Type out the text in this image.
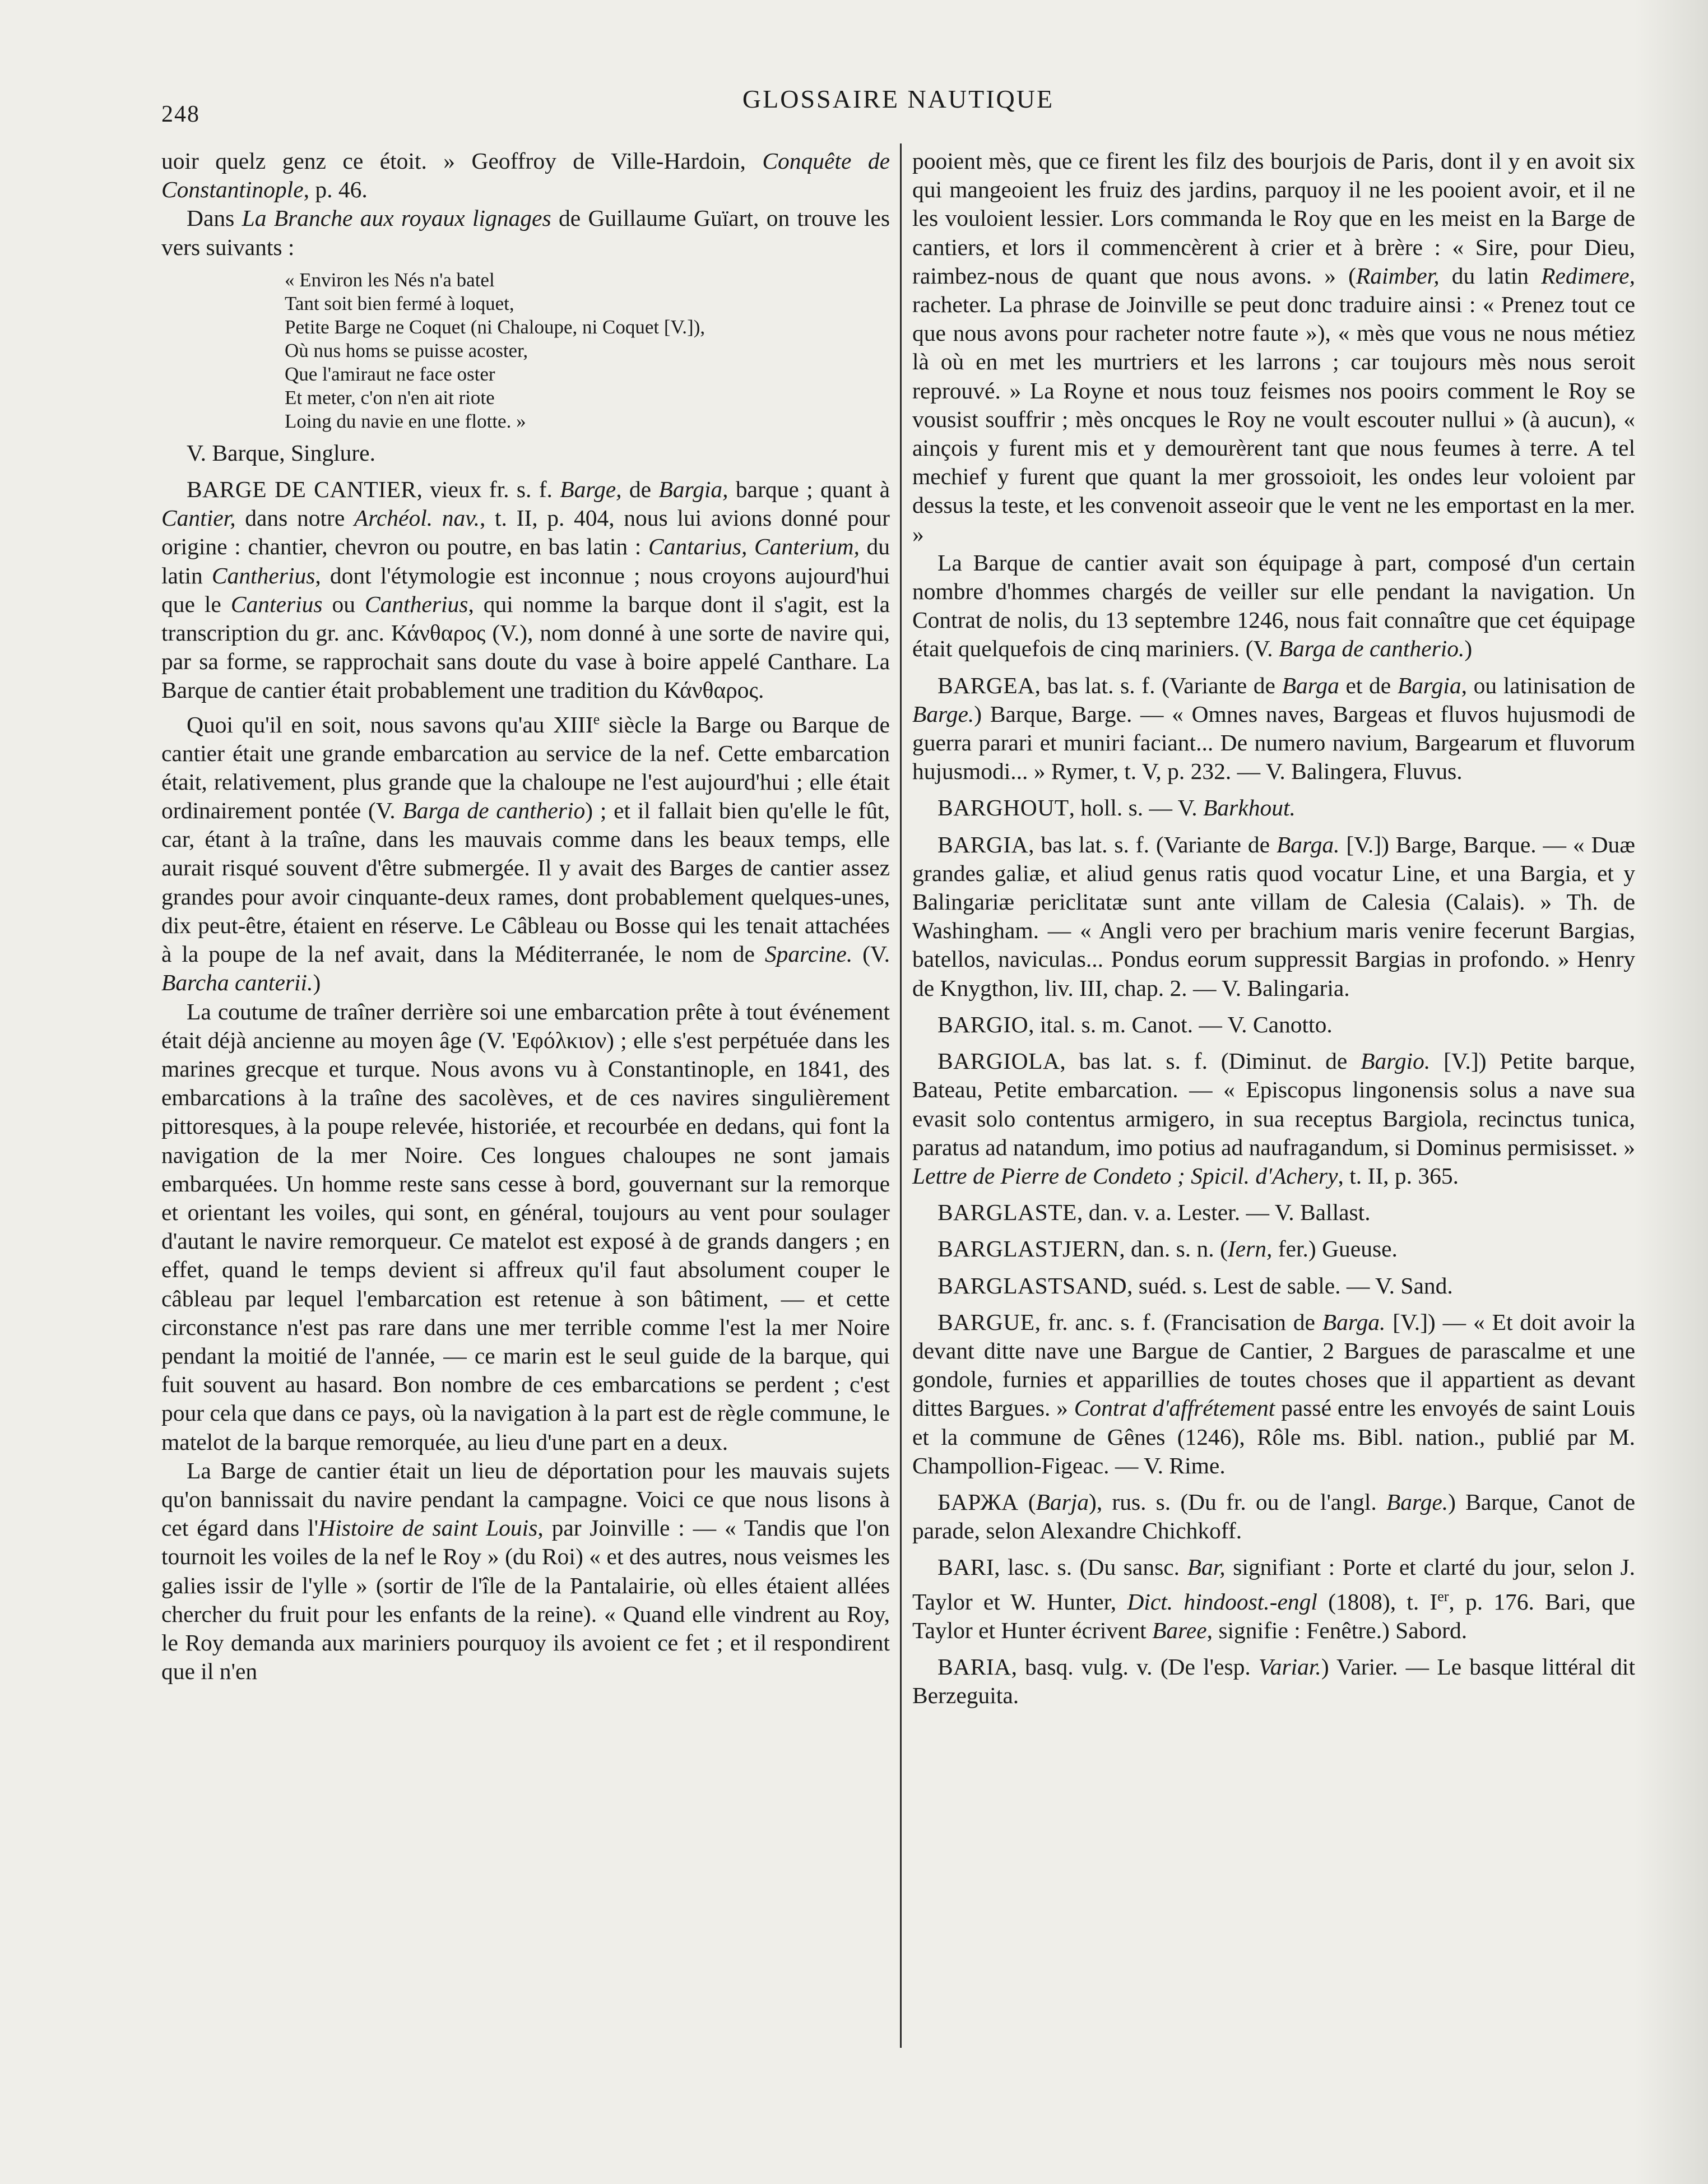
248
GLOSSAIRE NAUTIQUE

uoir quelz genz ce étoit. » Geoffroy de Ville-Hardoin, Conquête de Constantinople, p. 46.

Dans La Branche aux royaux lignages de Guillaume Guïart, on trouve les vers suivants :

« Environ les Nés n'a batel
Tant soit bien fermé à loquet,
Petite Barge ne Coquet (ni Chaloupe, ni Coquet [V.]),
Où nus homs se puisse acoster,
Que l'amiraut ne face oster
Et meter, c'on n'en ait riote
Loing du navie en une flotte. »

V. Barque, Singlure.

BARGE DE CANTIER, vieux fr. s. f. Barge, de Bargia, barque ; quant à Cantier, dans notre Archéol. nav., t. II, p. 404, nous lui avions donné pour origine : chantier, chevron ou poutre, en bas latin : Cantarius, Canterium, du latin Cantherius, dont l'étymologie est inconnue ; nous croyons aujourd'hui que le Canterius ou Cantherius, qui nomme la barque dont il s'agit, est la transcription du gr. anc. Κάνθαρος (V.), nom donné à une sorte de navire qui, par sa forme, se rapprochait sans doute du vase à boire appelé Canthare. La Barque de cantier était probablement une tradition du Κάνθαρος.

Quoi qu'il en soit, nous savons qu'au XIIIe siècle la Barge ou Barque de cantier était une grande embarcation au service de la nef. Cette embarcation était, relativement, plus grande que la chaloupe ne l'est aujourd'hui ; elle était ordinairement pontée (V. Barga de cantherio) ; et il fallait bien qu'elle le fût, car, étant à la traîne, dans les mauvais comme dans les beaux temps, elle aurait risqué souvent d'être submergée. Il y avait des Barges de cantier assez grandes pour avoir cinquante-deux rames, dont probablement quelques-unes, dix peut-être, étaient en réserve. Le Câbleau ou Bosse qui les tenait attachées à la poupe de la nef avait, dans la Méditerranée, le nom de Sparcine. (V. Barcha canterii.)

La coutume de traîner derrière soi une embarcation prête à tout événement était déjà ancienne au moyen âge (V. 'Εφόλκιον) ; elle s'est perpétuée dans les marines grecque et turque. Nous avons vu à Constantinople, en 1841, des embarcations à la traîne des sacolèves, et de ces navires singulièrement pittoresques, à la poupe relevée, historiée, et recourbée en dedans, qui font la navigation de la mer Noire. Ces longues chaloupes ne sont jamais embarquées. Un homme reste sans cesse à bord, gouvernant sur la remorque et orientant les voiles, qui sont, en général, toujours au vent pour soulager d'autant le navire remorqueur. Ce matelot est exposé à de grands dangers ; en effet, quand le temps devient si affreux qu'il faut absolument couper le câbleau par lequel l'embarcation est retenue à son bâtiment, — et cette circonstance n'est pas rare dans une mer terrible comme l'est la mer Noire pendant la moitié de l'année, — ce marin est le seul guide de la barque, qui fuit souvent au hasard. Bon nombre de ces embarcations se perdent ; c'est pour cela que dans ce pays, où la navigation à la part est de règle commune, le matelot de la barque remorquée, au lieu d'une part en a deux.

La Barge de cantier était un lieu de déportation pour les mauvais sujets qu'on bannissait du navire pendant la campagne. Voici ce que nous lisons à cet égard dans l'Histoire de saint Louis, par Joinville : — « Tandis que l'on tournoit les voiles de la nef le Roy » (du Roi) « et des autres, nous veismes les galies issir de l'ylle » (sortir de l'île de la Pantalairie, où elles étaient allées chercher du fruit pour les enfants de la reine). « Quand elle vindrent au Roy, le Roy demanda aux mariniers pourquoy ils avoient ce fet ; et il respondirent que il n'en

pooient mès, que ce firent les filz des bourjois de Paris, dont il y en avoit six qui mangeoient les fruiz des jardins, parquoy il ne les pooient avoir, et il ne les vouloient lessier. Lors commanda le Roy que en les meist en la Barge de cantiers, et lors il commencèrent à crier et à brère : « Sire, pour Dieu, raimbez-nous de quant que nous avons. » (Raimber, du latin Redimere, racheter. La phrase de Joinville se peut donc traduire ainsi : « Prenez tout ce que nous avons pour racheter notre faute »), « mès que vous ne nous métiez là où en met les murtriers et les larrons ; car toujours mès nous seroit reprouvé. » La Royne et nous touz feismes nos pooirs comment le Roy se vousist souffrir ; mès oncques le Roy ne voult escouter nullui » (à aucun), « ainçois y furent mis et y demourèrent tant que nous feumes à terre. A tel mechief y furent que quant la mer grossoioit, les ondes leur voloient par dessus la teste, et les convenoit asseoir que le vent ne les emportast en la mer. »

La Barque de cantier avait son équipage à part, composé d'un certain nombre d'hommes chargés de veiller sur elle pendant la navigation. Un Contrat de nolis, du 13 septembre 1246, nous fait connaître que cet équipage était quelquefois de cinq mariniers. (V. Barga de cantherio.)

BARGEA, bas lat. s. f. (Variante de Barga et de Bargia, ou latinisation de Barge.) Barque, Barge. — « Omnes naves, Bargeas et fluvos hujusmodi de guerra parari et muniri faciant... De numero navium, Bargearum et fluvorum hujusmodi... » Rymer, t. V, p. 232. — V. Balingera, Fluvus.

BARGHOUT, holl. s. — V. Barkhout.

BARGIA, bas lat. s. f. (Variante de Barga. [V.]) Barge, Barque. — « Duæ grandes galiæ, et aliud genus ratis quod vocatur Line, et una Bargia, et y Balingariæ periclitatæ sunt ante villam de Calesia (Calais). » Th. de Washingham. — « Angli vero per brachium maris venire fecerunt Bargias, batellos, naviculas... Pondus eorum suppressit Bargias in profondo. » Henry de Knygthon, liv. III, chap. 2. — V. Balingaria.

BARGIO, ital. s. m. Canot. — V. Canotto.

BARGIOLA, bas lat. s. f. (Diminut. de Bargio. [V.]) Petite barque, Bateau, Petite embarcation. — « Episcopus lingonensis solus a nave sua evasit solo contentus armigero, in sua receptus Bargiola, recinctus tunica, paratus ad natandum, imo potius ad naufragandum, si Dominus permisisset. » Lettre de Pierre de Condeto ; Spicil. d'Achery, t. II, p. 365.

BARGLASTE, dan. v. a. Lester. — V. Ballast.

BARGLASTJERN, dan. s. n. (Iern, fer.) Gueuse.

BARGLASTSAND, suéd. s. Lest de sable. — V. Sand.

BARGUE, fr. anc. s. f. (Francisation de Barga. [V.]) — « Et doit avoir la devant ditte nave une Bargue de Cantier, 2 Bargues de parascalme et une gondole, furnies et apparillies de toutes choses que il appartient as devant dittes Bargues. » Contrat d'affrétement passé entre les envoyés de saint Louis et la commune de Gênes (1246), Rôle ms. Bibl. nation., publié par M. Champollion-Figeac. — V. Rime.

БАРЖА (Barja), rus. s. (Du fr. ou de l'angl. Barge.) Barque, Canot de parade, selon Alexandre Chichkoff.

BARI, lasc. s. (Du sansc. Bar, signifiant : Porte et clarté du jour, selon J. Taylor et W. Hunter, Dict. hindoost.-engl (1808), t. Ier, p. 176. Bari, que Taylor et Hunter écrivent Baree, signifie : Fenêtre.) Sabord.

BARIA, basq. vulg. v. (De l'esp. Variar.) Varier. — Le basque littéral dit Berzeguita.
